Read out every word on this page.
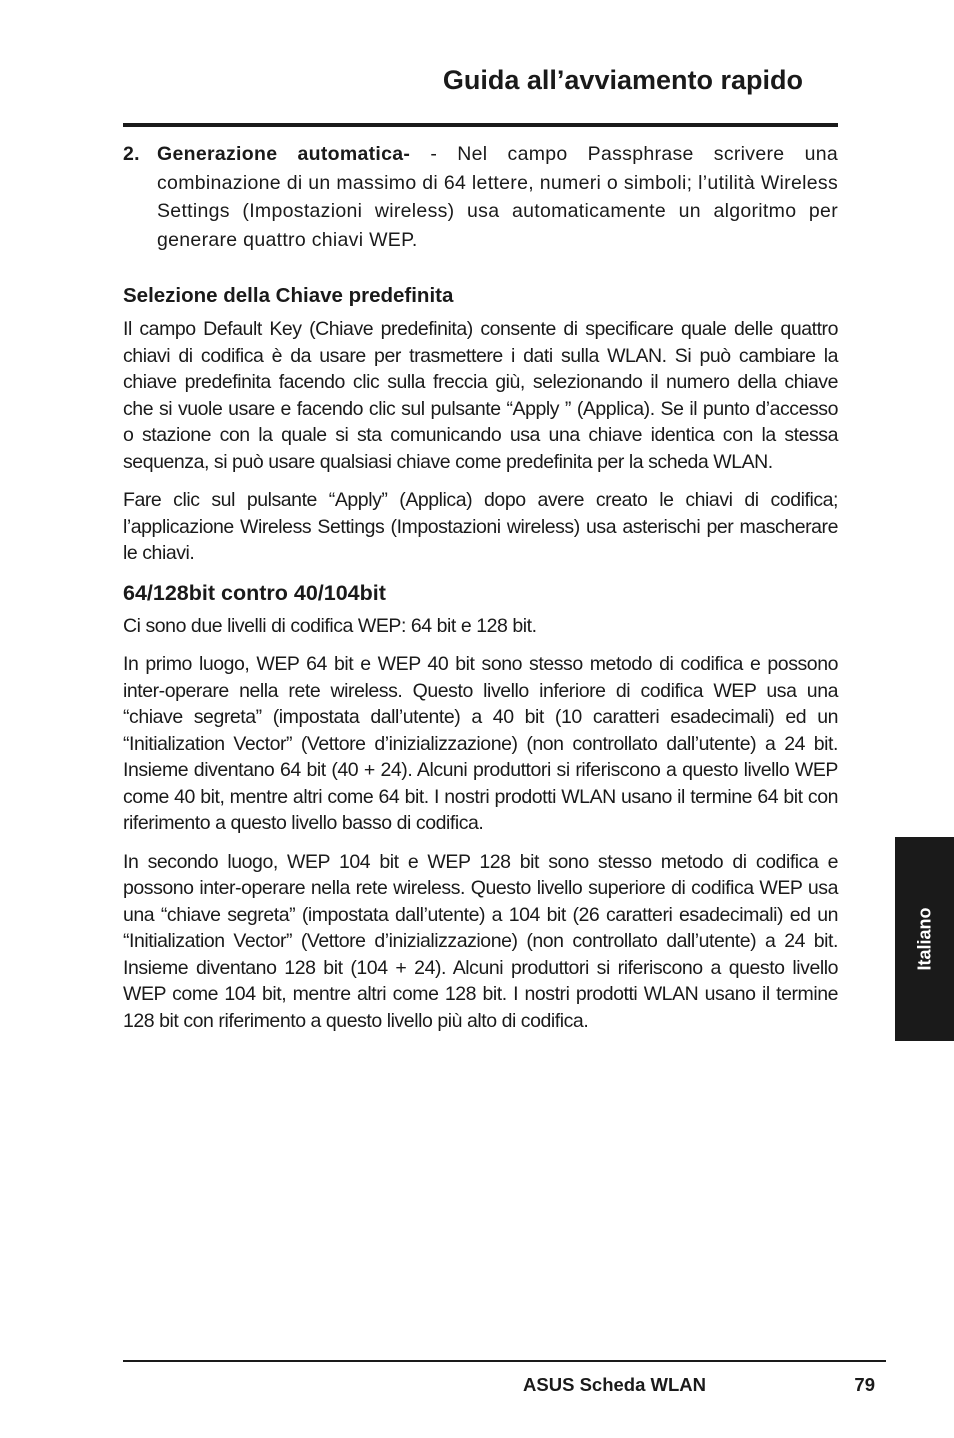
Guida all’avviamento rapido
2. Generazione automatica- - Nel campo Passphrase scrivere una combinazione di un massimo di 64 lettere, numeri o simboli; l’utilità Wireless Settings (Impostazioni wireless) usa automaticamente un algoritmo per generare quattro chiavi WEP.
Selezione della Chiave predefinita

Il campo Default Key (Chiave predefinita) consente di specificare quale delle quattro chiavi di codifica è da usare per trasmettere i dati sulla WLAN. Si può cambiare la chiave predefinita facendo clic sulla freccia giù, selezionando il numero della chiave che si vuole usare e facendo clic sul pulsante “Apply ” (Applica). Se il punto d’accesso o stazione con la quale si sta comunicando usa una chiave identica con la stessa sequenza, si può usare qualsiasi chiave come predefinita per la scheda WLAN.

Fare clic sul pulsante “Apply” (Applica) dopo avere creato le chiavi di codifica; l’applicazione Wireless Settings (Impostazioni wireless) usa asterischi per mascherare le chiavi.

64/128bit contro 40/104bit

Ci sono due livelli di codifica WEP: 64 bit e 128 bit.

In primo luogo, WEP 64 bit e WEP 40 bit sono stesso metodo di codifica e possono inter-operare nella rete wireless. Questo livello inferiore di codifica WEP usa una “chiave segreta” (impostata dall’utente) a 40 bit (10 caratteri esadecimali) ed un “Initialization Vector” (Vettore d’inizializzazione) (non controllato dall’utente) a 24 bit. Insieme diventano 64 bit (40 + 24). Alcuni produttori si riferiscono a questo livello WEP come 40 bit, mentre altri come 64 bit. I nostri prodotti WLAN usano il termine 64 bit con riferimento a questo livello basso di codifica.

In secondo luogo, WEP 104 bit e WEP 128 bit sono stesso metodo di codifica e possono inter-operare nella rete wireless. Questo livello superiore di codifica WEP usa una “chiave segreta” (impostata dall’utente) a 104 bit (26 caratteri esadecimali) ed un “Initialization Vector” (Vettore d’inizializzazione) (non controllato dall’utente) a 24 bit. Insieme diventano 128 bit (104 + 24). Alcuni produttori si riferiscono a questo livello WEP come 104 bit, mentre altri come 128 bit. I nostri prodotti WLAN usano il termine 128 bit con riferimento a questo livello più alto di codifica.

Italiano
ASUS Scheda WLAN	79
